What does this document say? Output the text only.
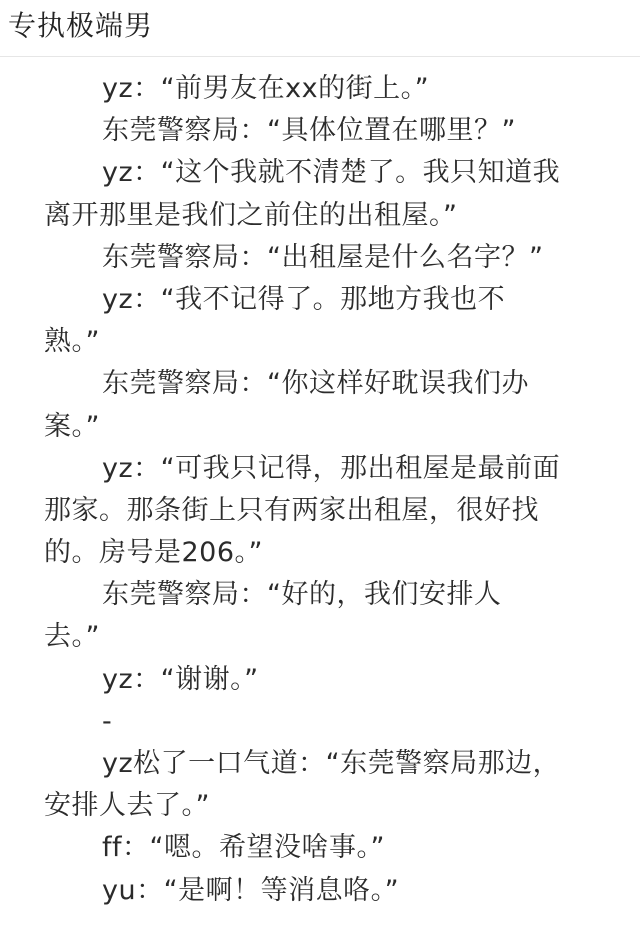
专执极端男
yz：“前男友在xx的街上。”
东莞警察局：“具体位置在哪里？”
yz：“这个我就不清楚了。我只知道我
离开那里是我们之前住的出租屋。”
东莞警察局：“出租屋是什么名字？”
yz：“我不记得了。那地方我也不
熟。”
东莞警察局：“你这样好耽误我们办
案。”
yz：“可我只记得，那出租屋是最前面
那家。那条街上只有两家出租屋，很好找
的。房号是206。”
东莞警察局：“好的，我们安排人
去。”
yz：“谢谢。”
-
yz松了一口气道：“东莞警察局那边，
安排人去了。”
ff：“嗯。希望没啥事。”
yu：“是啊！等消息咯。”
